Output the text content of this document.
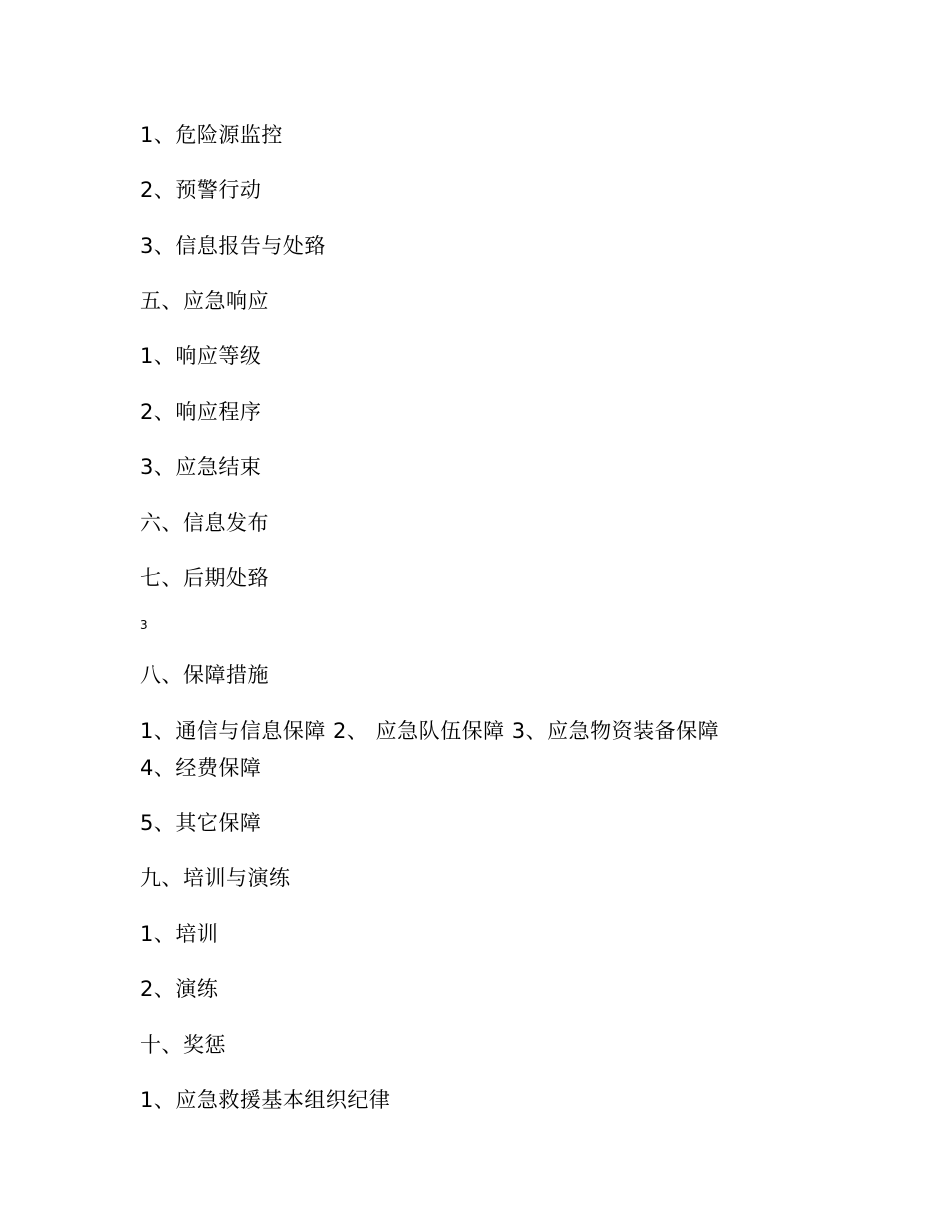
1、危险源监控
2、预警行动
3、信息报告与处臵
五、应急响应
1、响应等级
2、响应程序
3、应急结束
六、信息发布
七、后期处臵
3
八、保障措施
1、通信与信息保障 2、 应急队伍保障 3、应急物资装备保障
4、经费保障
5、其它保障
九、培训与演练
1、培训
2、演练
十、奖惩
1、应急救援基本组织纪律
